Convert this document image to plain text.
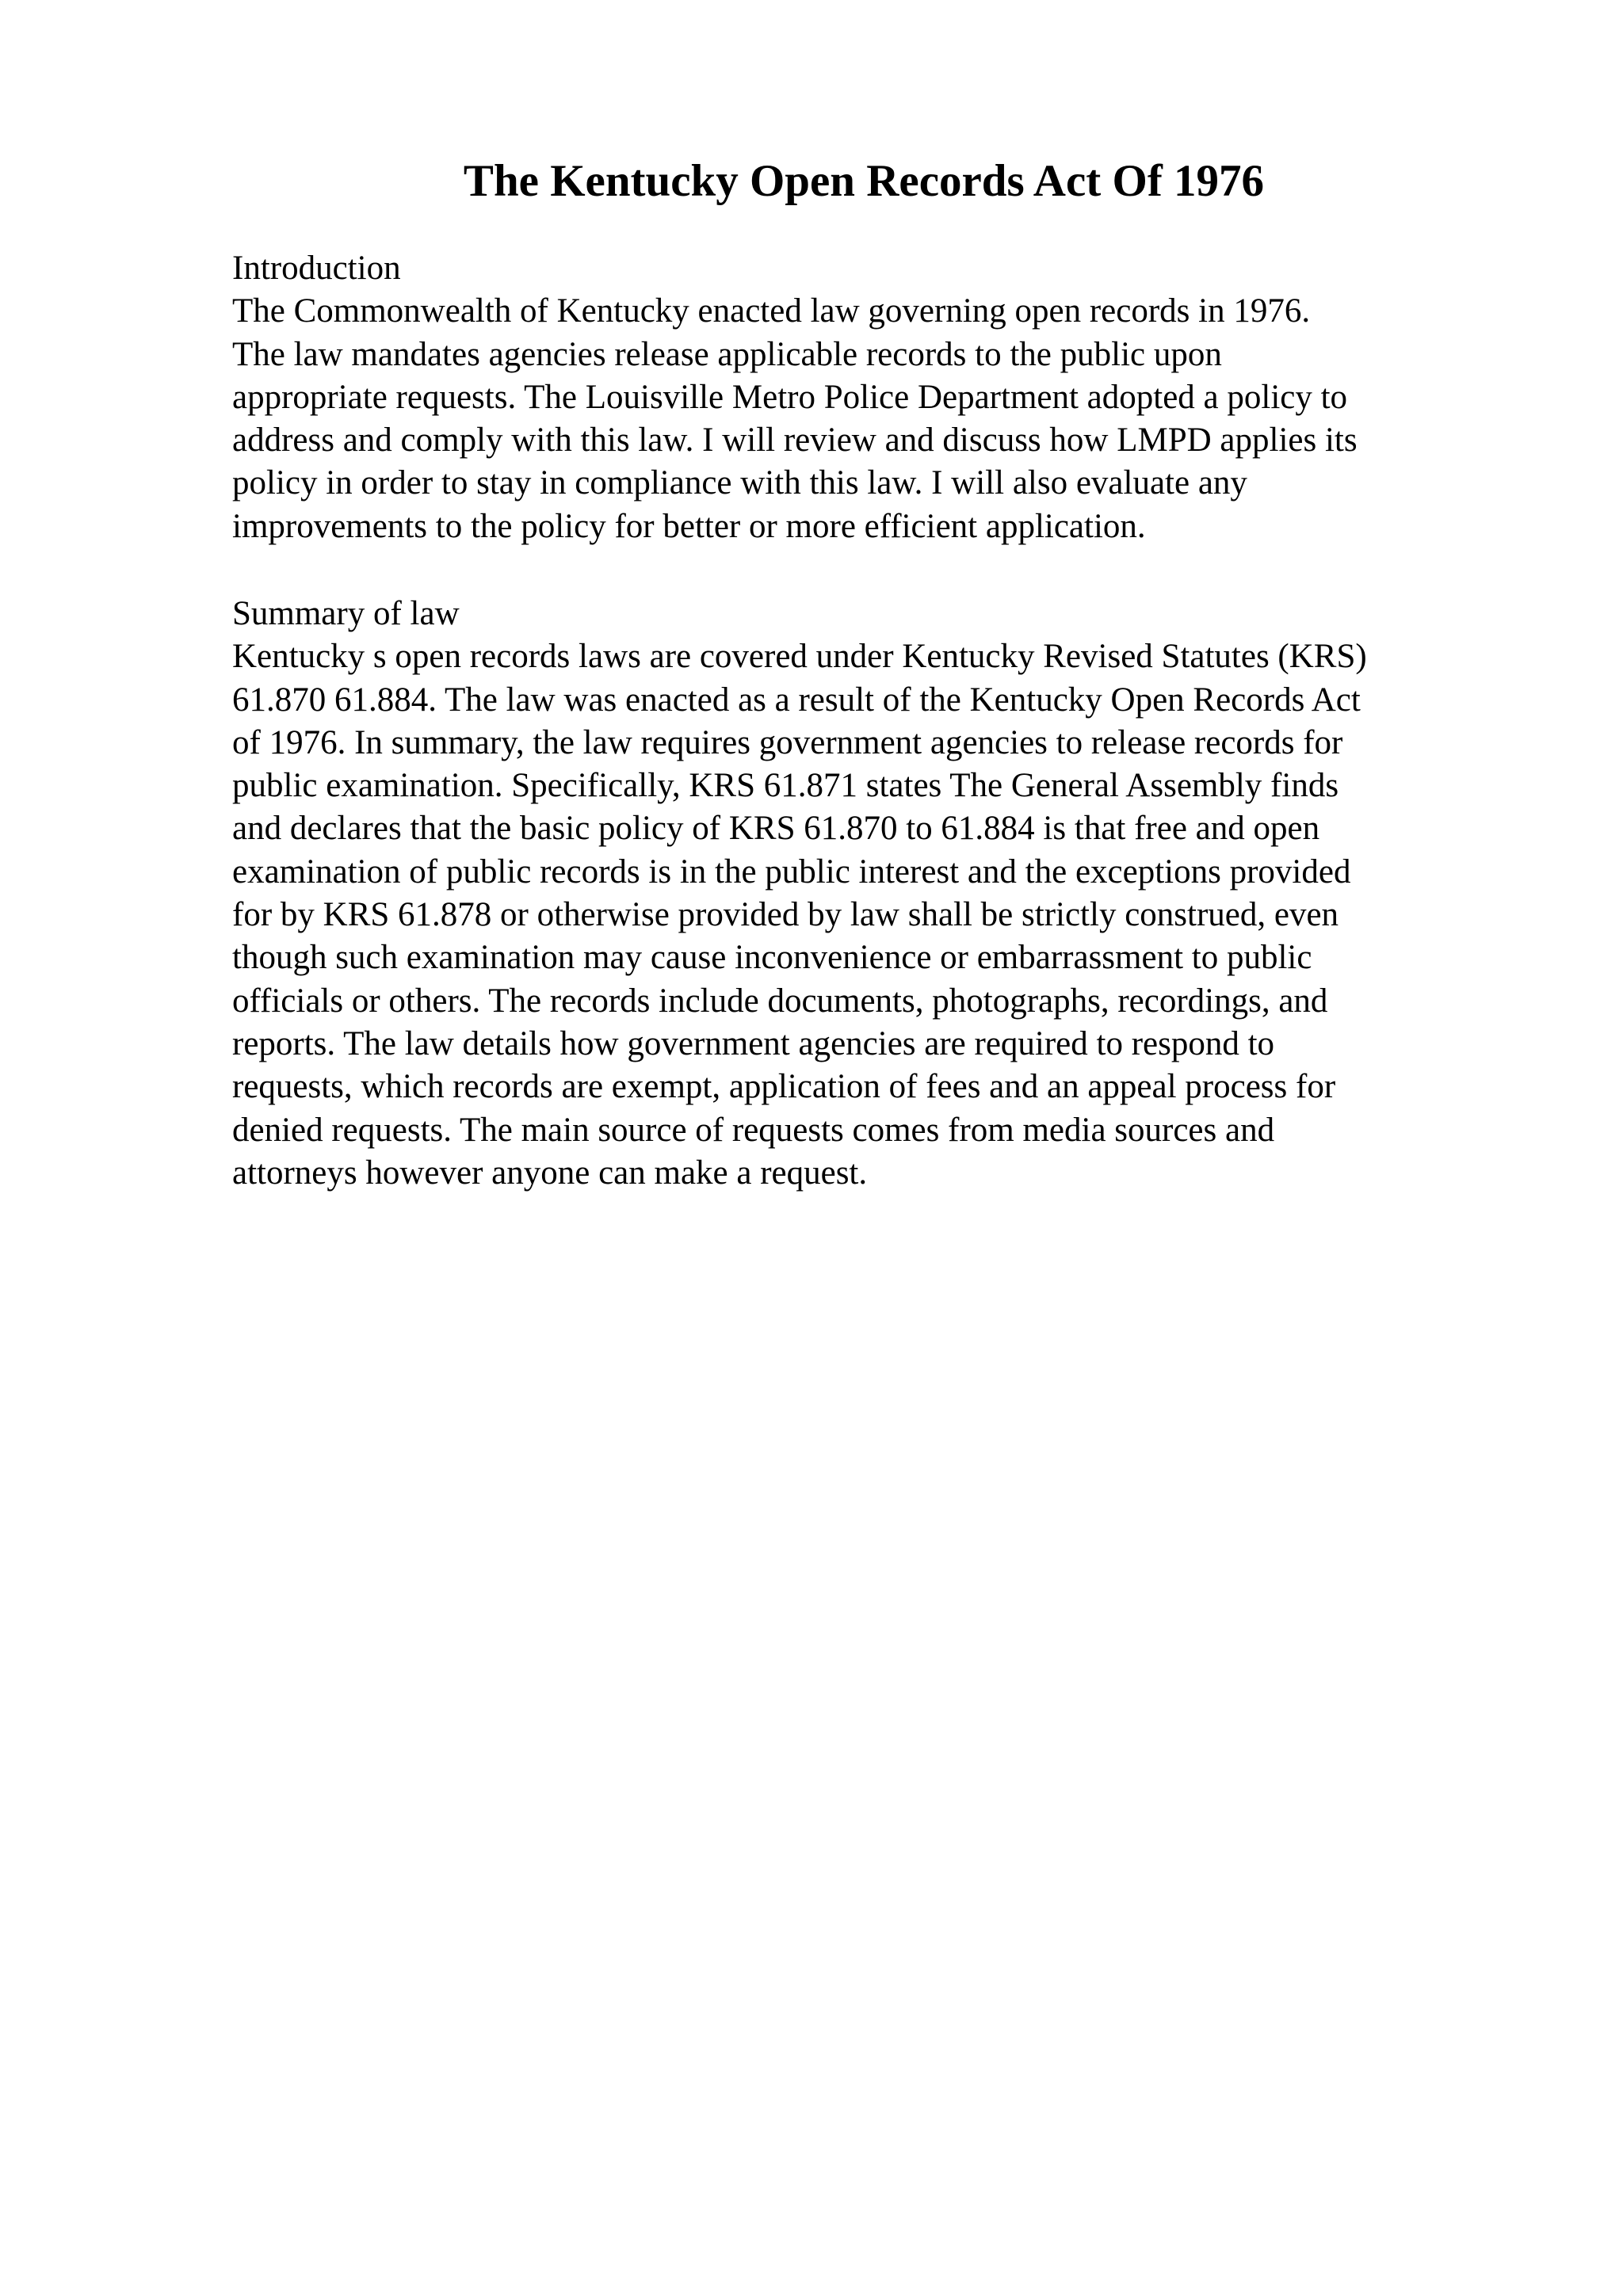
The Kentucky Open Records Act Of 1976
Introduction
The Commonwealth of Kentucky enacted law governing open records in 1976.
The law mandates agencies release applicable records to the public upon
appropriate requests. The Louisville Metro Police Department adopted a policy to
address and comply with this law. I will review and discuss how LMPD applies its
policy in order to stay in compliance with this law. I will also evaluate any
improvements to the policy for better or more efficient application.
Summary of law
Kentucky s open records laws are covered under Kentucky Revised Statutes (KRS)
61.870 61.884. The law was enacted as a result of the Kentucky Open Records Act
of 1976. In summary, the law requires government agencies to release records for
public examination. Specifically, KRS 61.871 states The General Assembly finds
and declares that the basic policy of KRS 61.870 to 61.884 is that free and open
examination of public records is in the public interest and the exceptions provided
for by KRS 61.878 or otherwise provided by law shall be strictly construed, even
though such examination may cause inconvenience or embarrassment to public
officials or others. The records include documents, photographs, recordings, and
reports. The law details how government agencies are required to respond to
requests, which records are exempt, application of fees and an appeal process for
denied requests. The main source of requests comes from media sources and
attorneys however anyone can make a request.
